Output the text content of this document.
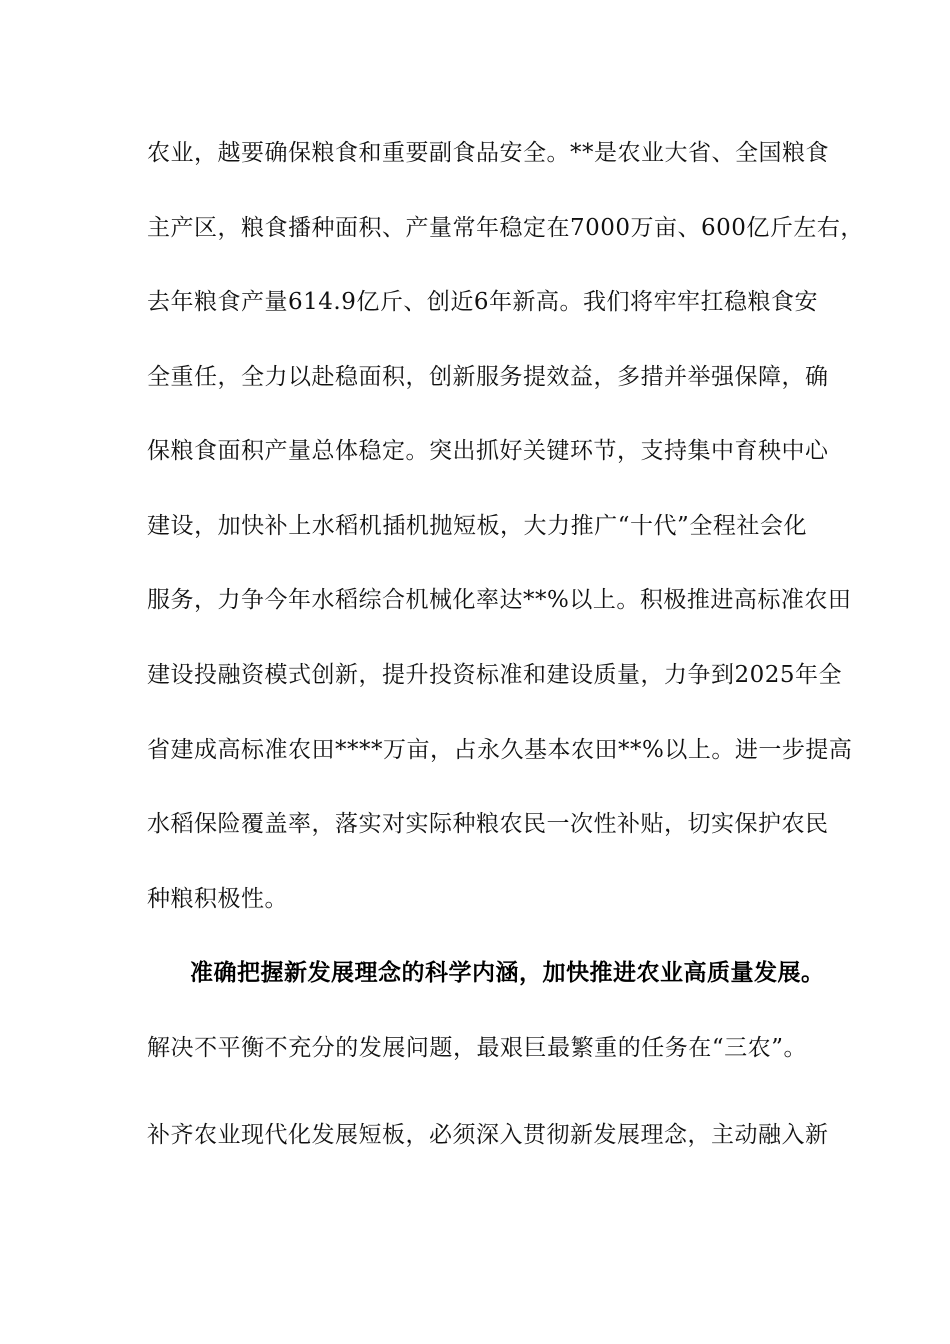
农业，越要确保粮食和重要副食品安全。**是农业大省、全国粮食
主产区，粮食播种面积、产量常年稳定在7000万亩、600亿斤左右，
去年粮食产量614.9亿斤、创近6年新高。我们将牢牢扛稳粮食安
全重任，全力以赴稳面积，创新服务提效益，多措并举强保障，确
保粮食面积产量总体稳定。突出抓好关键环节，支持集中育秧中心
建设，加快补上水稻机插机抛短板，大力推广“十代”全程社会化
服务，力争今年水稻综合机械化率达**%以上。积极推进高标准农田
建设投融资模式创新，提升投资标准和建设质量，力争到2025年全
省建成高标准农田****万亩，占永久基本农田**%以上。进一步提高
水稻保险覆盖率，落实对实际种粮农民一次性补贴，切实保护农民
种粮积极性。
准确把握新发展理念的科学内涵，加快推进农业高质量发展。
解决不平衡不充分的发展问题，最艰巨最繁重的任务在“三农”。
补齐农业现代化发展短板，必须深入贯彻新发展理念，主动融入新
